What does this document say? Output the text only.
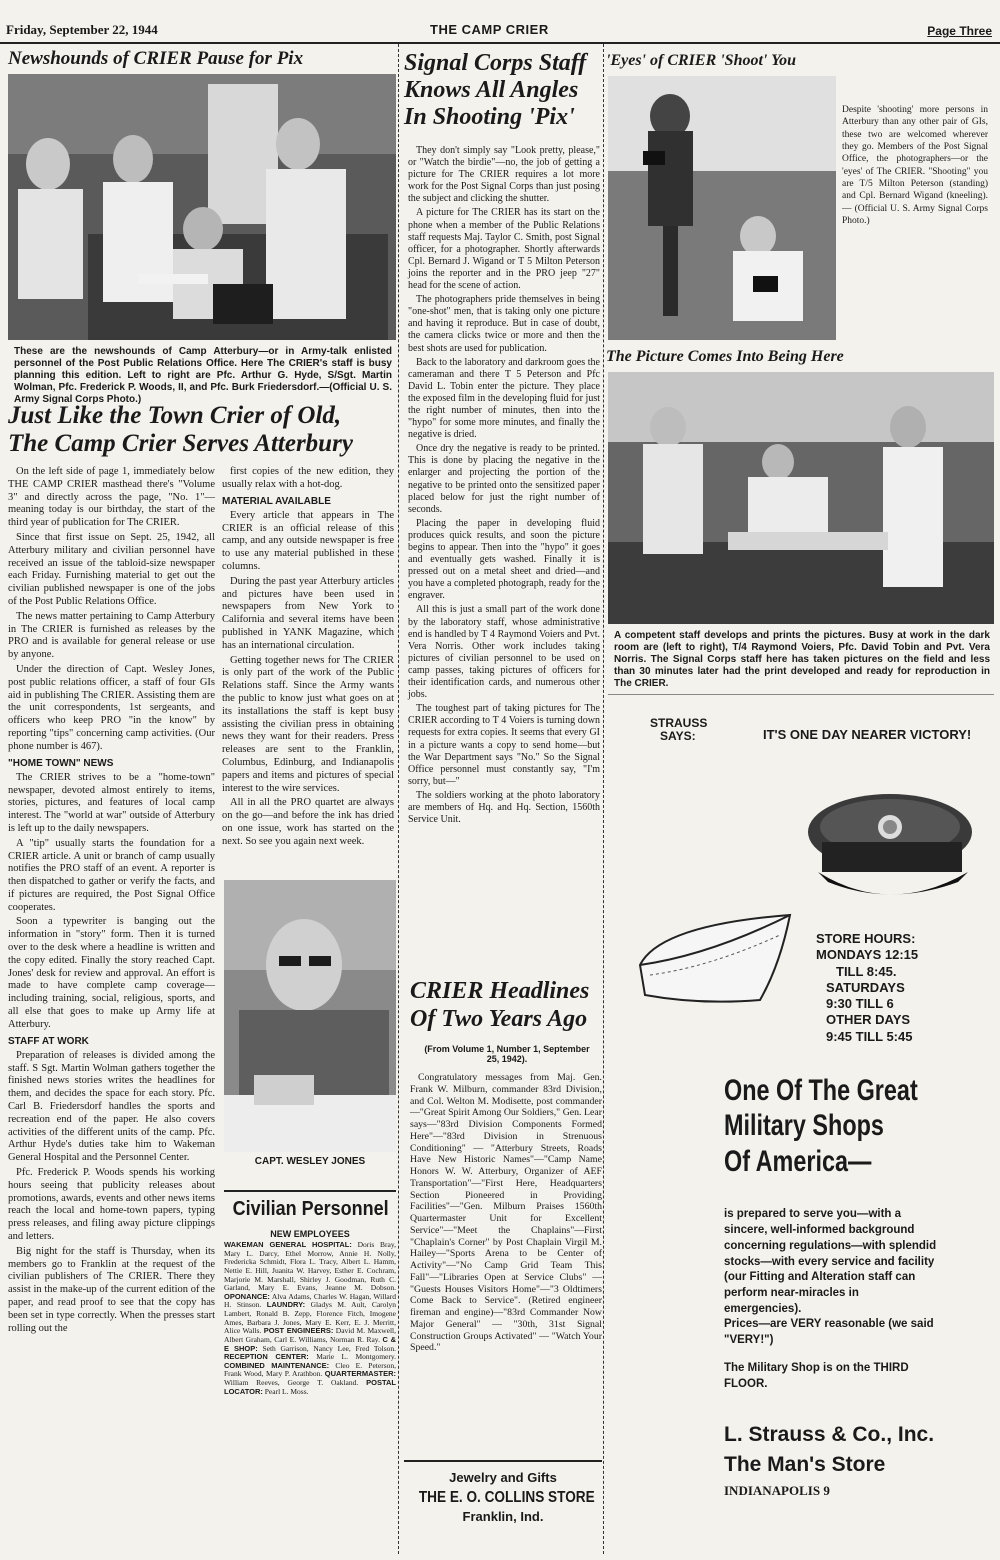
Friday, September 22, 1944	THE CAMP CRIER	Page Three
Newshounds of CRIER Pause for Pix
These are the newshounds of Camp Atterbury—or in Army-talk enlisted personnel of the Post Public Relations Office. Here The CRIER's staff is busy planning this edition. Left to right are Pfc. Arthur G. Hyde, S/Sgt. Martin Wolman, Pfc. Frederick P. Woods, II, and Pfc. Burk Friedersdorf.—(Official U. S. Army Signal Corps Photo.)
Just Like the Town Crier of Old,
The Camp Crier Serves Atterbury

On the left side of page 1, immediately below THE CAMP CRIER masthead there's "Volume 3" and directly across the page, "No. 1"—meaning today is our birthday, the start of the third year of publication for The CRIER.

Since that first issue on Sept. 25, 1942, all Atterbury military and civilian personnel have received an issue of the tabloid-size newspaper each Friday. Furnishing material to get out the civilian published newspaper is one of the jobs of the Post Public Relations Office.

The news matter pertaining to Camp Atterbury in The CRIER is furnished as releases by the PRO and is available for general release or use by anyone.

Under the direction of Capt. Wesley Jones, post public relations officer, a staff of four GIs aid in publishing The CRIER. Assisting them are the unit correspondents, 1st sergeants, and officers who keep PRO "in the know" by reporting "tips" concerning camp activities. (Our phone number is 467).

"HOME TOWN" NEWS

The CRIER strives to be a "home-town" newspaper, devoted almost entirely to items, stories, pictures, and features of local camp interest. The "world at war" outside of Atterbury is left up to the daily newspapers.

A "tip" usually starts the foundation for a CRIER article. A unit or branch of camp usually notifies the PRO staff of an event. A reporter is then dispatched to gather or verify the facts, and if pictures are required, the Post Signal Office cooperates.

Soon a typewriter is banging out the information in "story" form. Then it is turned over to the desk where a headline is written and the copy edited. Finally the story reached Capt. Jones' desk for review and approval. An effort is made to have complete camp coverage—including training, social, religious, sports, and all else that goes to make up Army life at Atterbury.

STAFF AT WORK

Preparation of releases is divided among the staff. S Sgt. Martin Wolman gathers together the finished news stories writes the headlines for them, and decides the space for each story. Pfc. Carl B. Friedersdorf handles the sports and recreation end of the paper. He also covers activities of the different units of the camp. Pfc. Arthur Hyde's duties take him to Wakeman General Hospital and the Personnel Center.

Pfc. Frederick P. Woods spends his working hours seeing that publicity releases about promotions, awards, events and other news items reach the local and home-town papers, typing press releases, and filing away picture clippings and letters.

Big night for the staff is Thursday, when its members go to Franklin at the request of the civilian publishers of The CRIER. There they assist in the make-up of the current edition of the paper, and read proof to see that the copy has been set in type correctly. When the presses start rolling out the

first copies of the new edition, they usually relax with a hot-dog.

MATERIAL AVAILABLE

Every article that appears in The CRIER is an official release of this camp, and any outside newspaper is free to use any material published in these columns.

During the past year Atterbury articles and pictures have been used in newspapers from New York to California and several items have been published in YANK Magazine, which has an international circulation.

Getting together news for The CRIER is only part of the work of the Public Relations staff. Since the Army wants the public to know just what goes on at its installations the staff is kept busy assisting the civilian press in obtaining news they want for their readers. Press releases are sent to the Franklin, Columbus, Edinburg, and Indianapolis papers and items and pictures of special interest to the wire services.

All in all the PRO quartet are always on the go—and before the ink has dried on one issue, work has started on the next. So see you again next week.

CAPT. WESLEY JONES
Civilian Personnel
NEW EMPLOYEES
WAKEMAN GENERAL HOSPITAL: Doris Bray, Mary L. Darcy, Ethel Morrow, Annie H. Nolly, Fredericka Schmidt, Flora L. Tracy, Albert L. Hamm, Nettie E. Hill, Juanita W. Harvey, Esther E. Cochram, Marjorie M. Marshall, Shirley J. Goodman, Ruth C. Garland, Mary E. Evans, Jeanne M. Dobson. OPONANCE: Alva Adams, Charles W. Hagan, Willard H. Stinson. LAUNDRY: Gladys M. Ault, Carolyn Lambert, Ronald B. Zepp, Florence Fitch, Imogene Ames, Barbara J. Jones, Mary E. Kerr, E. J. Merritt, Alice Walls. POST ENGINEERS: David M. Maxwell, Albert Graham, Carl E. Williams, Norman R. Ray. C & E SHOP: Seth Garrison, Nancy Lee, Fred Tolson. RECEPTION CENTER: Marie L. Montgomery. COMBINED MAINTENANCE: Cleo E. Peterson, Frank Wood, Mary P. Arathbon. QUARTERMASTER: William Reeves, George T. Oakland. POSTAL LOCATOR: Pearl L. Moss.
Signal Corps Staff
Knows All Angles
In Shooting 'Pix'

They don't simply say "Look pretty, please," or "Watch the birdie"—no, the job of getting a picture for The CRIER requires a lot more work for the Post Signal Corps than just posing the subject and clicking the shutter.

A picture for The CRIER has its start on the phone when a member of the Public Relations staff requests Maj. Taylor C. Smith, post Signal officer, for a photographer. Shortly afterwards Cpl. Bernard J. Wigand or T 5 Milton Peterson joins the reporter and in the PRO jeep "27" head for the scene of action.

The photographers pride themselves in being "one-shot" men, that is taking only one picture and having it reproduce. But in case of doubt, the camera clicks twice or more and then the best shots are used for publication.

Back to the laboratory and darkroom goes the cameraman and there T 5 Peterson and Pfc David L. Tobin enter the picture. They place the exposed film in the developing fluid for just the right number of minutes, then into the "hypo" for some more minutes, and finally the negative is dried.

Once dry the negative is ready to be printed. This is done by placing the negative in the enlarger and projecting the portion of the negative to be printed onto the sensitized paper placed below for just the right number of seconds.

Placing the paper in developing fluid produces quick results, and soon the picture begins to appear. Then into the "hypo" it goes and eventually gets washed. Finally it is pressed out on a metal sheet and dried—and you have a completed photograph, ready for the engraver.

All this is just a small part of the work done by the laboratory staff, whose administrative end is handled by T 4 Raymond Voiers and Pvt. Vera Norris. Other work includes taking pictures of civilian personnel to be used on camp passes, taking pictures of officers for their identification cards, and numerous other jobs.

The toughest part of taking pictures for The CRIER according to T 4 Voiers is turning down requests for extra copies. It seems that every GI in a picture wants a copy to send home—but the War Department says "No." So the Signal Office personnel must constantly say, "I'm sorry, but—"

The soldiers working at the photo laboratory are members of Hq. and Hq. Section, 1560th Service Unit.

CRIER Headlines
Of Two Years Ago
(From Volume 1, Number 1, September 25, 1942).
Congratulatory messages from Maj. Gen. Frank W. Milburn, commander 83rd Division, and Col. Welton M. Modisette, post commander—"Great Spirit Among Our Soldiers," Gen. Lear says—"83rd Division Components Formed Here"—"83rd Division in Strenuous Conditioning" — "Atterbury Streets, Roads Have New Historic Names"—"Camp Name Honors W. W. Atterbury, Organizer of AEF Transportation"—"First Here, Headquarters Section Pioneered in Providing Facilities"—"Gen. Milburn Praises 1560th Quartermaster Unit for Excellent Service"—"Meet the Chaplains"—First "Chaplain's Corner" by Post Chaplain Virgil M. Hailey—"Sports Arena to be Center of Activity"—"No Camp Grid Team This Fall"—"Libraries Open at Service Clubs" — "Guests Houses Visitors Home"—"3 Oldtimers Come Back to Service". (Retired engineer fireman and engine)—"83rd Commander Now Major General" — "30th, 31st Signal Construction Groups Activated" — "Watch Your Speed."
Jewelry and Gifts
THE E. O. COLLINS STORE
Franklin, Ind.
'Eyes' of CRIER 'Shoot' You
Despite 'shooting' more persons in Atterbury than any other pair of GIs, these two are welcomed wherever they go. Members of the Post Signal Office, the photographers—or the 'eyes' of The CRIER. "Shooting" you are T/5 Milton Peterson (standing) and Cpl. Bernard Wigand (kneeling). — (Official U. S. Army Signal Corps Photo.)
The Picture Comes Into Being Here
A competent staff develops and prints the pictures. Busy at work in the dark room are (left to right), T/4 Raymond Voiers, Pfc. David Tobin and Pvt. Vera Norris. The Signal Corps staff here has taken pictures on the field and less than 30 minutes later had the print developed and ready for reproduction in The CRIER.
STRAUSS
SAYS:	IT'S ONE DAY NEARER VICTORY!
STORE HOURS:
MONDAYS 12:15
TILL 8:45.
SATURDAYS
9:30 TILL 6
OTHER DAYS
9:45 TILL 5:45
One Of The Great
Military Shops
Of America—
is prepared to serve you—with a sincere, well-informed background concerning regulations—with splendid stocks—with every service and facility (our Fitting and Alteration staff can perform near-miracles in emergencies).
Prices—are VERY reasonable (we said "VERY!")
The Military Shop is on the THIRD FLOOR.
L. Strauss & Co., Inc.
The Man's Store
INDIANAPOLIS 9
